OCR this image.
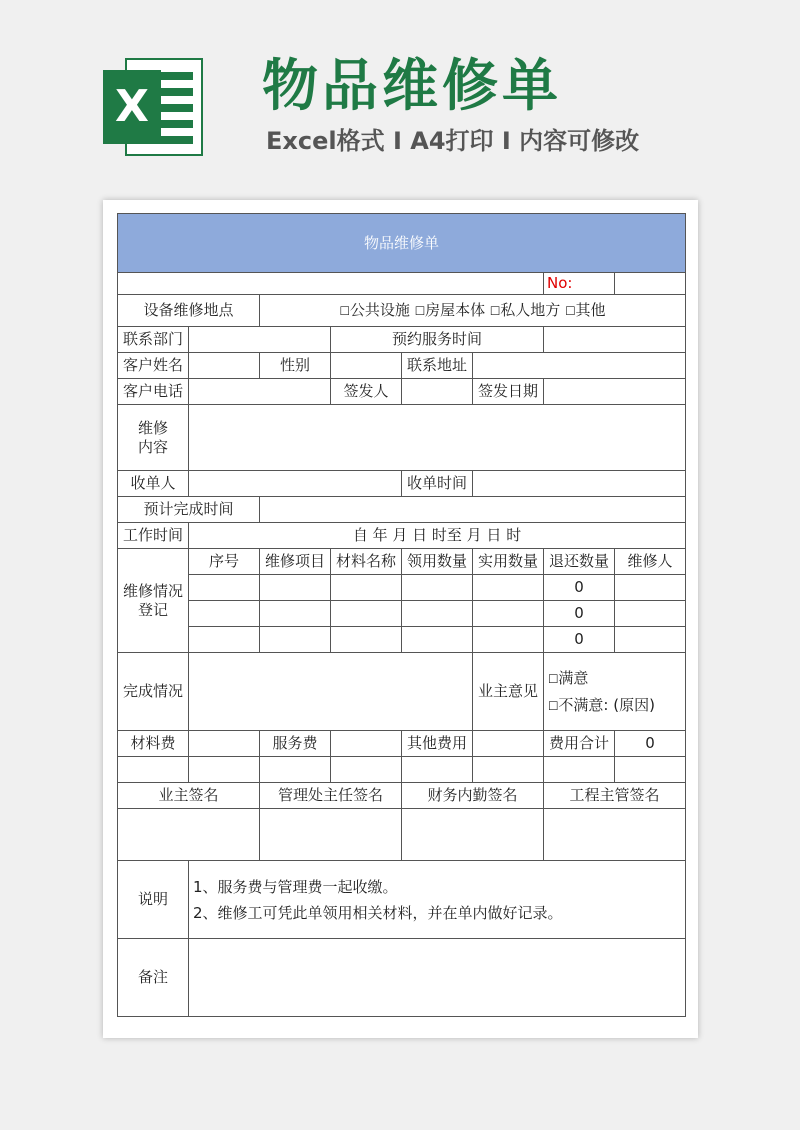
X 物品维修单
Excel格式 I A4打印 I 内容可修改
物品维修单							
						No:	
设备维修地点		□公共设施 □房屋本体 □私人地方 □其他					
联系部门			预约服务时间				
客户姓名		性别		联系地址			
客户电话			签发人		签发日期		

维修
内容							

收单人				收单时间			
预计完成时间							
工作时间	自 年 月 日 时至 月 日 时						

维修情况
登记	序号	维修项目	材料名称	领用数量	实用数量	退还数量	维修人
						0	
						0	
						0	
完成情况					业主意见	□满意
□不满意: (原因)	

材料费		服务费		其他费用		费用合计	0

业主签名		管理处主任签名		财务内勤签名		工程主管签名	

说明	1、服务费与管理费一起收缴。
2、维修工可凭此单领用相关材料，并在单内做好记录。						

备注							
